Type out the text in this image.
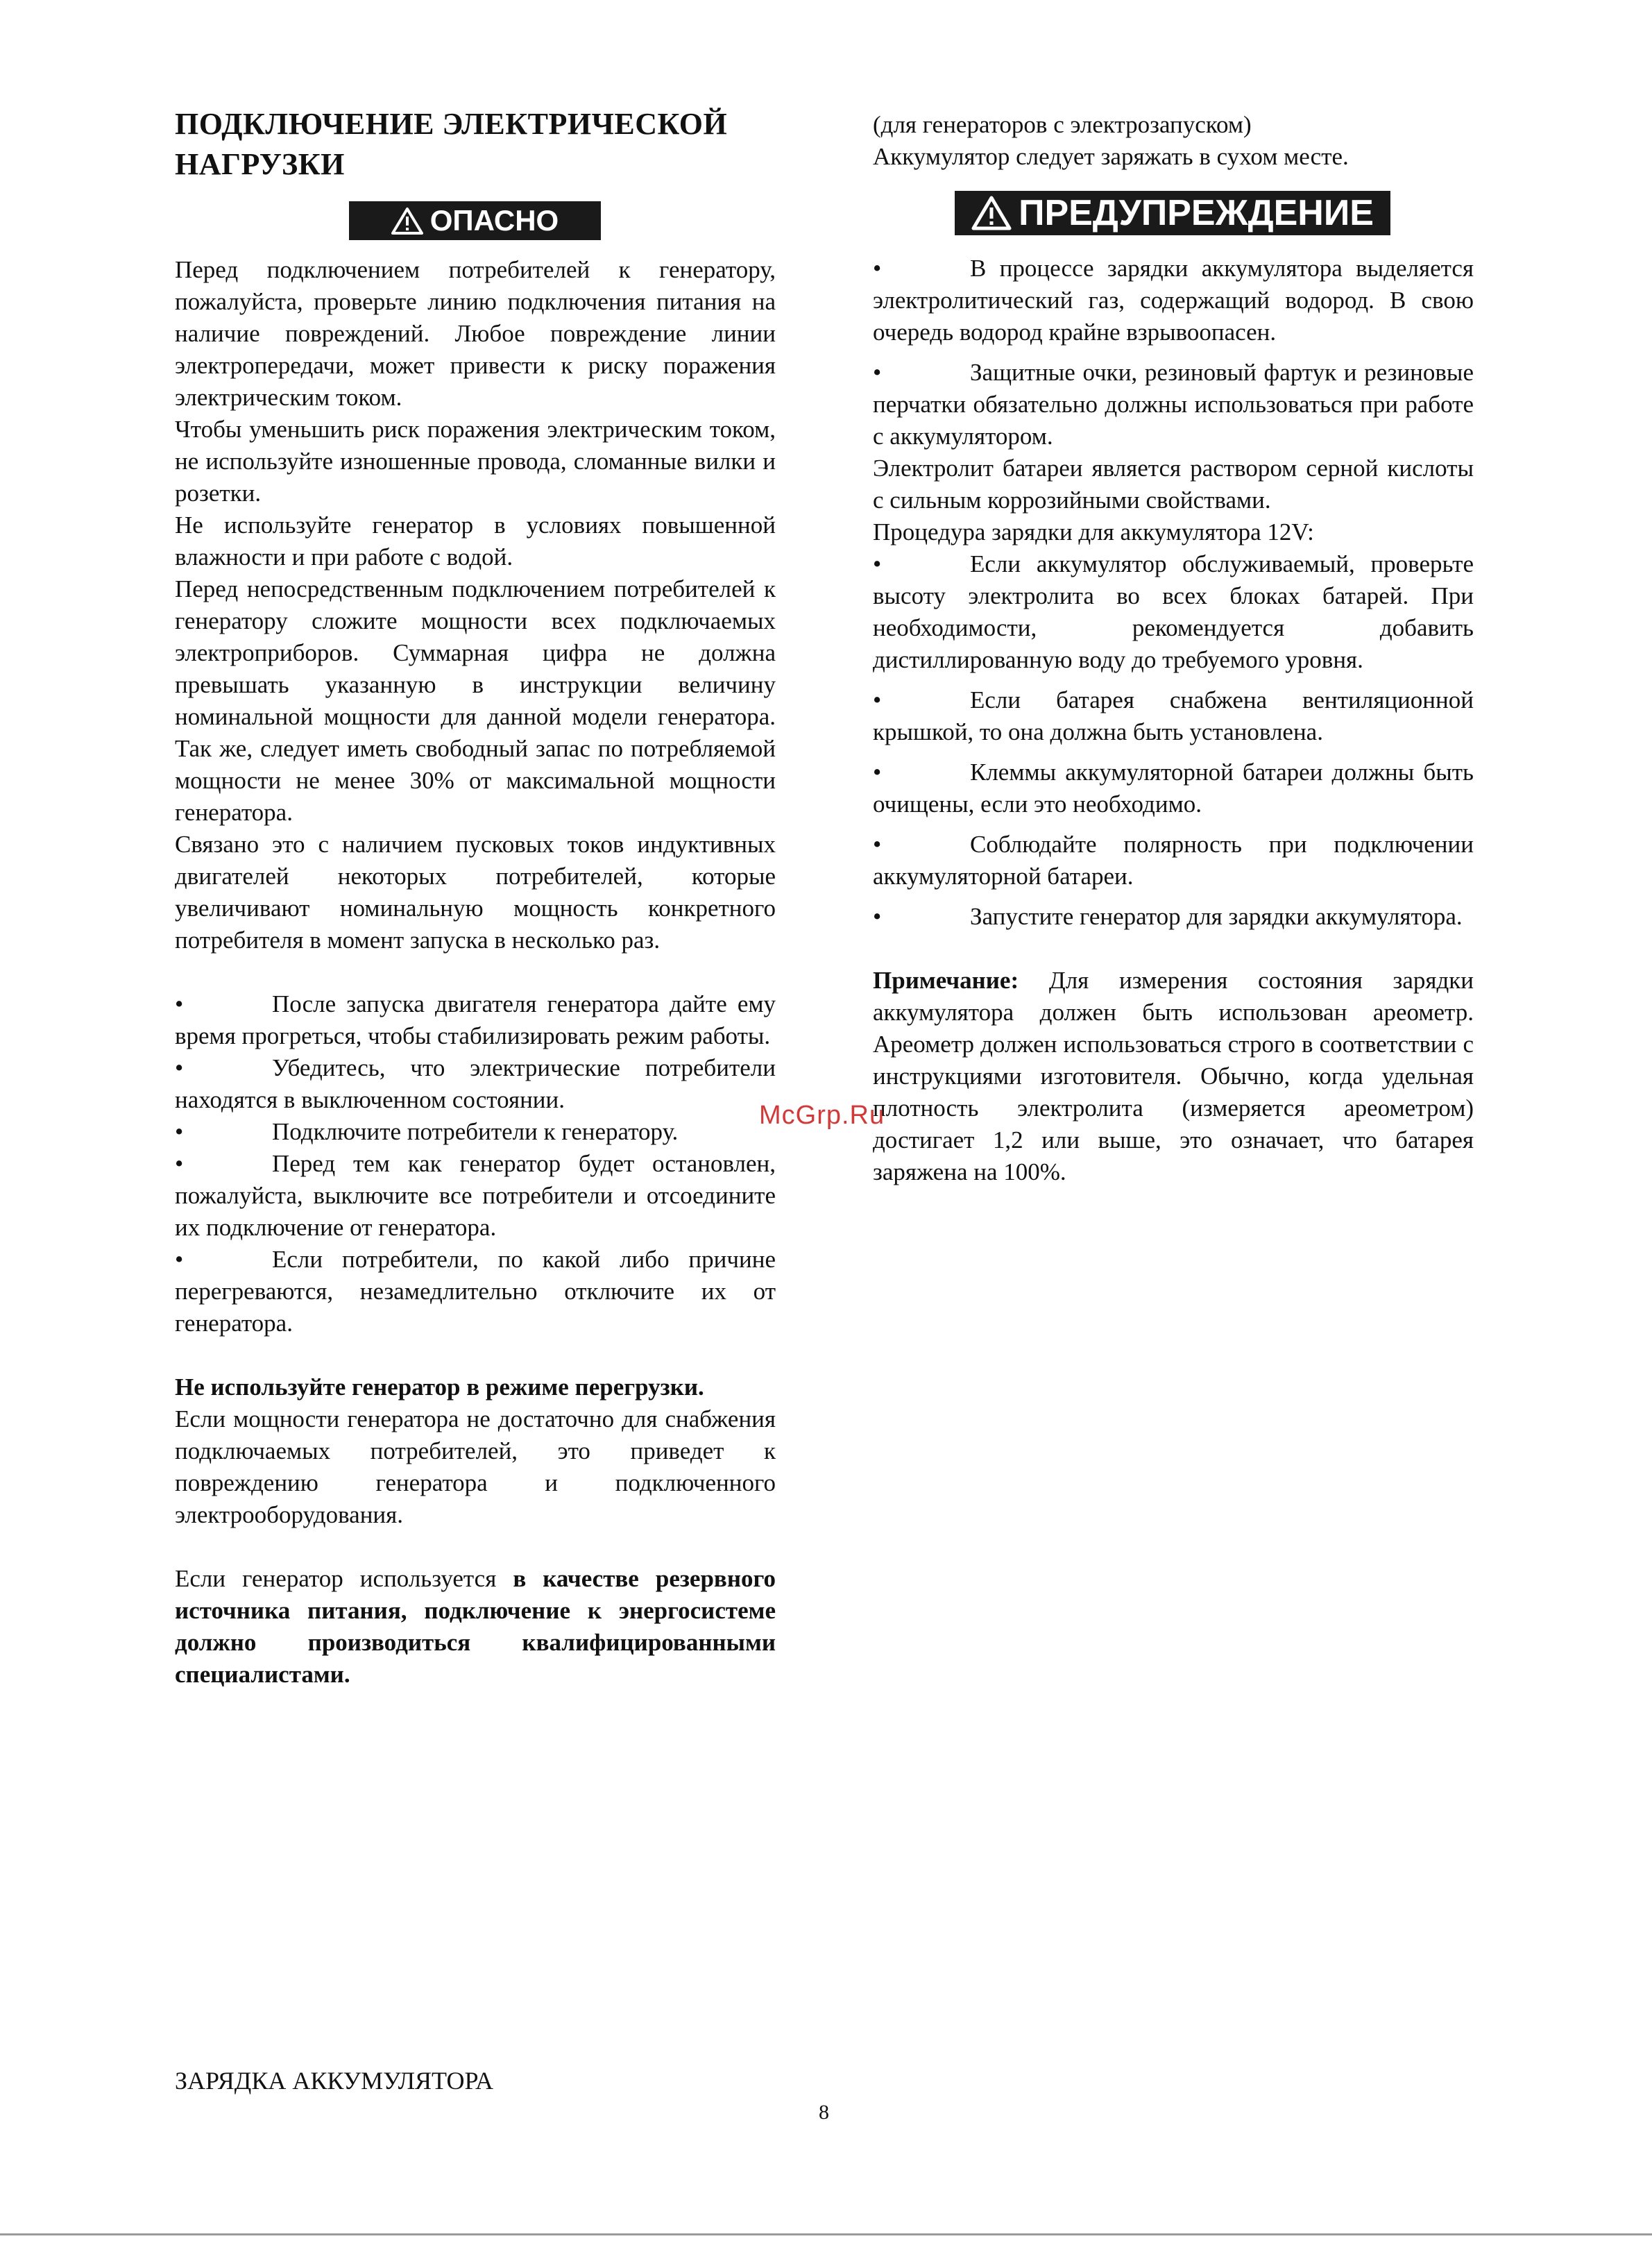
ПОДКЛЮЧЕНИЕ ЭЛЕКТРИЧЕСКОЙ
НАГРУЗКИ
ОПАСНО	ПРЕДУПРЕЖДЕНИЕ

Перед подключением потребителей к генератору, пожалуйста, проверьте линию подключения питания на наличие повреждений. Любое повреждение линии электропередачи, может привести к риску поражения электрическим током.

Чтобы уменьшить риск поражения электрическим током, не используйте изношенные провода, сломанные вилки и розетки.

Не используйте генератор в условиях повышенной влажности и при работе с водой.

Перед непосредственным подключением потребителей к генератору сложите мощности всех подключаемых электроприборов. Суммарная цифра не должна превышать указанную в инструкции величину номинальной мощности для данной модели генератора. Так же, следует иметь свободный запас по потребляемой мощности не менее 30% от максимальной мощности генератора.

Связано это с наличием пусковых токов индуктивных двигателей некоторых потребителей, которые увеличивают номинальную мощность конкретного потребителя в момент запуска в несколько раз.

•	После запуска двигателя генератора дайте ему время прогреться, чтобы стабилизировать режим работы.

•	Убедитесь, что электрические потребители находятся в выключенном состоянии.

•	Подключите потребители к генератору.

•	Перед тем как генератор будет остановлен, пожалуйста, выключите все потребители и отсоедините их подключение от генератора.

•	Если потребители, по какой либо причине перегреваются, незамедлительно отключите их от генератора.

Не используйте генератор в режиме перегрузки.

Если мощности генератора не достаточно для снабжения подключаемых потребителей, это приведет к повреждению генератора и подключенного электрооборудования.

Если генератор используется в качестве резервного источника питания, подключение к энергосистеме должно производиться квалифицированными специалистами.

(для генераторов с электрозапуском)

Аккумулятор следует заряжать в сухом месте.

•	В процессе зарядки аккумулятора выделяется электролитический газ, содержащий водород. В свою очередь водород крайне взрывоопасен.

•	Защитные очки, резиновый фартук и резиновые перчатки обязательно должны использоваться при работе с аккумулятором.

Электролит батареи является раствором серной кислоты с сильным коррозийными свойствами.

Процедура зарядки для аккумулятора 12V:

•	Если аккумулятор обслуживаемый, проверьте высоту электролита во всех блоках батарей. При необходимости, рекомендуется добавить дистиллированную воду до требуемого уровня.

•	Если батарея снабжена вентиляционной крышкой, то она должна быть установлена.

•	Клеммы аккумуляторной батареи должны быть очищены, если это необходимо.

•	Соблюдайте полярность при подключении аккумуляторной батареи.

•	Запустите генератор для зарядки аккумулятора.

Примечание: Для измерения состояния зарядки аккумулятора должен быть использован ареометр. Ареометр должен использоваться строго в соответствии с инструкциями изготовителя. Обычно, когда удельная плотность электролита (измеряется ареометром) достигает 1,2 или выше, это означает, что батарея заряжена на 100%.

ЗАРЯДКА АККУМУЛЯТОРА

8
McGrp.Ru
